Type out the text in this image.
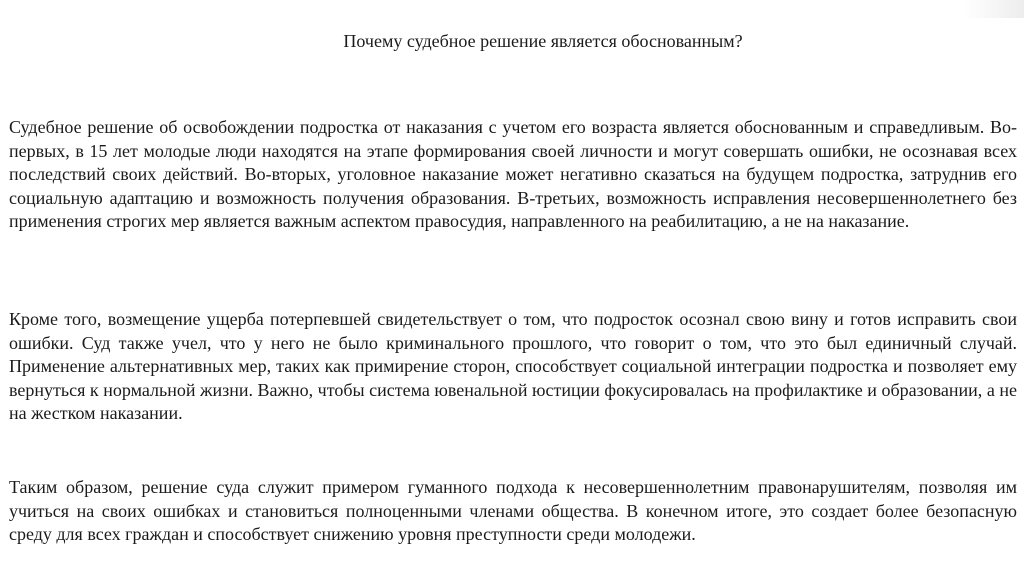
Почему судебное решение является обоснованным?

Судебное решение об освобождении подростка от наказания с учетом его возраста является обоснованным и справедливым. Во-первых, в 15 лет молодые люди находятся на этапе формирования своей личности и могут совершать ошибки, не осознавая всех последствий своих действий. Во-вторых, уголовное наказание может негативно сказаться на будущем подростка, затруднив его социальную адаптацию и возможность получения образования. В-третьих, возможность исправления несовершеннолетнего без применения строгих мер является важным аспектом правосудия, направленного на реабилитацию, а не на наказание.

Кроме того, возмещение ущерба потерпевшей свидетельствует о том, что подросток осознал свою вину и готов исправить свои ошибки. Суд также учел, что у него не было криминального прошлого, что говорит о том, что это был единичный случай. Применение альтернативных мер, таких как примирение сторон, способствует социальной интеграции подростка и позволяет ему вернуться к нормальной жизни. Важно, чтобы система ювенальной юстиции фокусировалась на профилактике и образовании, а не на жестком наказании.

Таким образом, решение суда служит примером гуманного подхода к несовершеннолетним правонарушителям, позволяя им учиться на своих ошибках и становиться полноценными членами общества. В конечном итоге, это создает более безопасную среду для всех граждан и способствует снижению уровня преступности среди молодежи.
